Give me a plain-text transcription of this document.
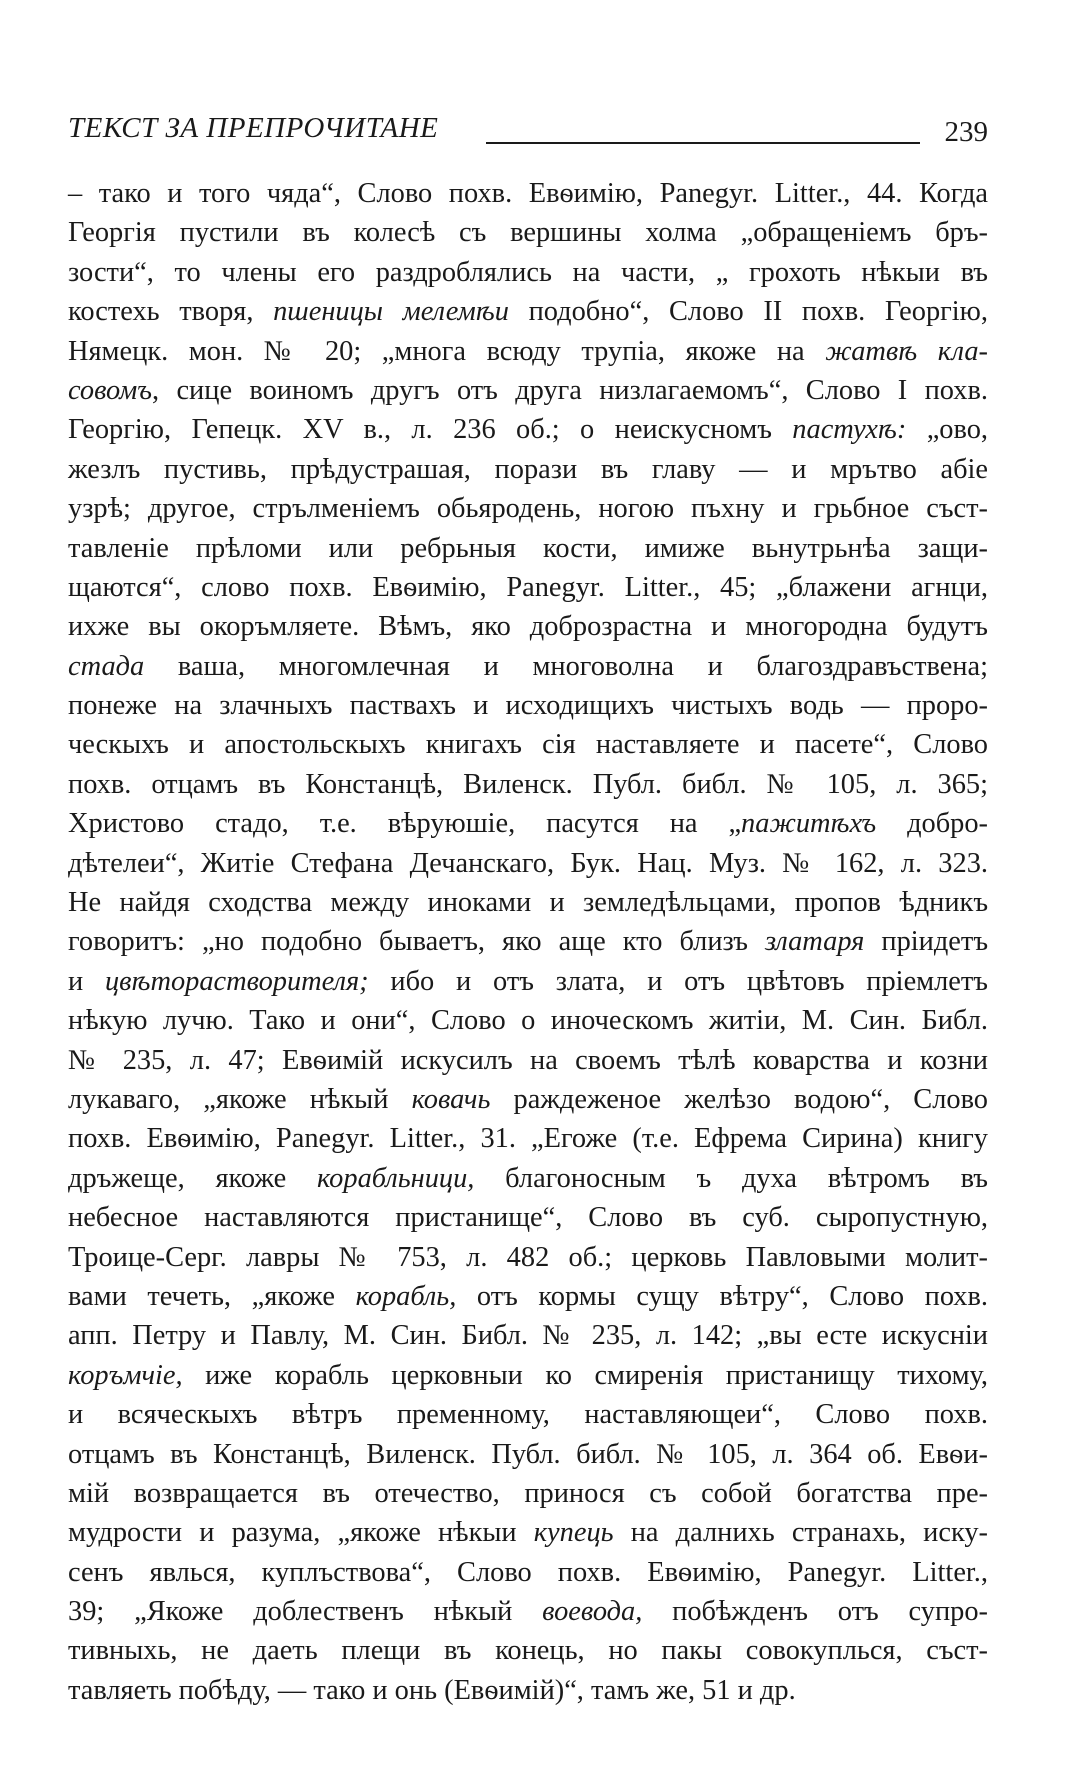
ТЕКСТ ЗА ПРЕПРОЧИТАНЕ	239
– тако и того чяда“, Слово похв. Евѳимію, Panegyr. Litter., 44. Когда
Георгія пустили въ колесѣ съ вершины холма „обращеніемъ бръ-
зости“, то члены его раздроблялись на части, „ грохоть нѣкыи въ
костехь творя, пшеницы мелемѣи подобно“, Слово II похв. Георгію,
Нямецк. мон. № 20; „многа всюду трупіа, якоже на жатвѣ кла-
совомъ, сице воиномъ другъ отъ друга низлагаемомъ“, Слово I похв.
Георгію, Гепецк. XV в., л. 236 об.; о неискусномъ пастухѣ: „ово,
жезлъ пустивь, прѣдустрашая, порази въ главу — и мрътво абіе
узрѣ; другое, стрълменіемъ обьяродень, ногою пъхну и грьбное съст-
тавленіе прѣломи или ребрьныя кости, имиже вьнутрьнѣа защи-
щаются“, слово похв. Евѳимію, Panegyr. Litter., 45; „блажени агнци,
ихже вы окоръмляете. Вѣмъ, яко доброзрастна и многородна будутъ
стада ваша, многомлечная и многоволна и благоздравъствена;
понеже на злачныхъ паствахъ и исходищихъ чистыхъ водь — проро-
ческыхъ и апостольскыхъ книгахъ сія наставляете и пасете“, Слово
похв. отцамъ въ Констанцѣ, Виленск. Публ. библ. № 105, л. 365;
Христово стадо, т.е. вѣруюшіе, пасутся на „пажитѣхъ добро-
дѣтелеи“, Житіе Стефана Дечанскаго, Бук. Нац. Муз. № 162, л. 323.
Не найдя сходства между иноками и земледѣльцами, пропов ѣдникъ
говоритъ: „но подобно бываетъ, яко аще кто близъ златаря пріидетъ
и цвѣторастворителя; ибо и отъ злата, и отъ цвѣтовъ пріемлетъ
нѣкую лучю. Тако и они“, Слово о иноческомъ житіи, М. Син. Библ.
№ 235, л. 47; Евѳимій искусилъ на своемъ тѣлѣ коварства и козни
лукаваго, „якоже нѣкый ковачь раждеженое желѣзо водою“, Слово
похв. Евѳимію, Panegyr. Litter., 31. „Егоже (т.е. Ефрема Сирина) книгу
дръжеще, якоже корабльници, благоносным ъ духа вѣтромъ въ
небесное наставляются пристанище“, Слово въ суб. сыропустную,
Троице-Серг. лавры № 753, л. 482 об.; церковь Павловыми молит-
вами течеть, „якоже корабль, отъ кормы сущу вѣтру“, Слово похв.
апп. Петру и Павлу, М. Син. Библ. № 235, л. 142; „вы есте искусніи
коръмчіе, иже корабль церковныи ко смиренія пристанищу тихому,
и всяческыхъ вѣтръ пременному, наставляющеи“, Слово похв.
отцамъ въ Констанцѣ, Виленск. Публ. библ. № 105, л. 364 об. Евѳи-
мій возвращается въ отечество, принося съ собой богатства пре-
мудрости и разума, „якоже нѣкыи купець на далнихь странахь, иску-
сенъ явлься, куплъствова“, Слово похв. Евѳимію, Panegyr. Litter.,
39; „Якоже доблественъ нѣкый воевода, побѣжденъ отъ супро-
тивныхь, не даеть плещи въ конець, но пакы совокуплься, съст-
тавляеть побѣду, — тако и онь (Евѳимій)“, тамъ же, 51 и др.
